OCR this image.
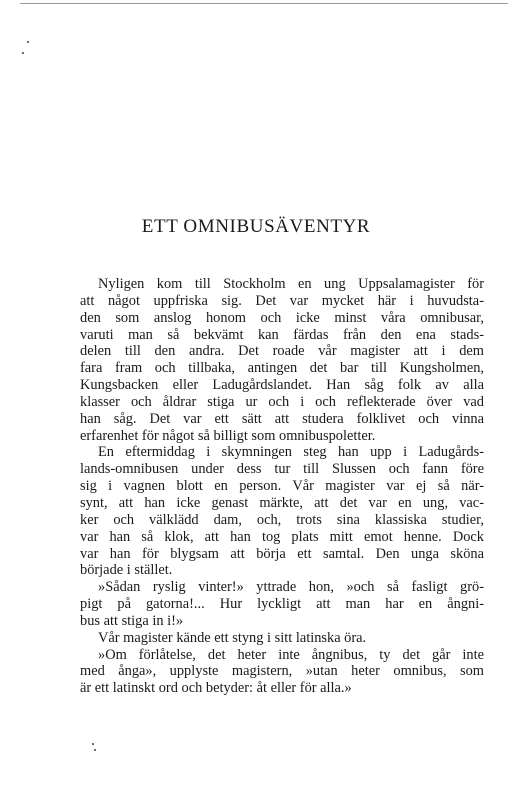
ETT OMNIBUSÄVENTYR
Nyligen kom till Stockholm en ung Uppsalamagister för
att något uppfriska sig. Det var mycket här i huvudsta-
den som anslog honom och icke minst våra omnibusar,
varuti man så bekvämt kan färdas från den ena stads-
delen till den andra. Det roade vår magister att i dem
fara fram och tillbaka, antingen det bar till Kungsholmen,
Kungsbacken eller Ladugårdslandet. Han såg folk av alla
klasser och åldrar stiga ur och i och reflekterade över vad
han såg. Det var ett sätt att studera folklivet och vinna
erfarenhet för något så billigt som omnibuspoletter.
En eftermiddag i skymningen steg han upp i Ladugårds-
lands-omnibusen under dess tur till Slussen och fann före
sig i vagnen blott en person. Vår magister var ej så när-
synt, att han icke genast märkte, att det var en ung, vac-
ker och välklädd dam, och, trots sina klassiska studier,
var han så klok, att han tog plats mitt emot henne. Dock
var han för blygsam att börja ett samtal. Den unga sköna
började i stället.
»Sådan ryslig vinter!» yttrade hon, »och så fasligt grö-
pigt på gatorna!... Hur lyckligt att man har en ångni-
bus att stiga in i!»
Vår magister kände ett styng i sitt latinska öra.
»Om förlåtelse, det heter inte ångnibus, ty det går inte
med ånga», upplyste magistern, »utan heter omnibus, som
är ett latinskt ord och betyder: åt eller för alla.»
